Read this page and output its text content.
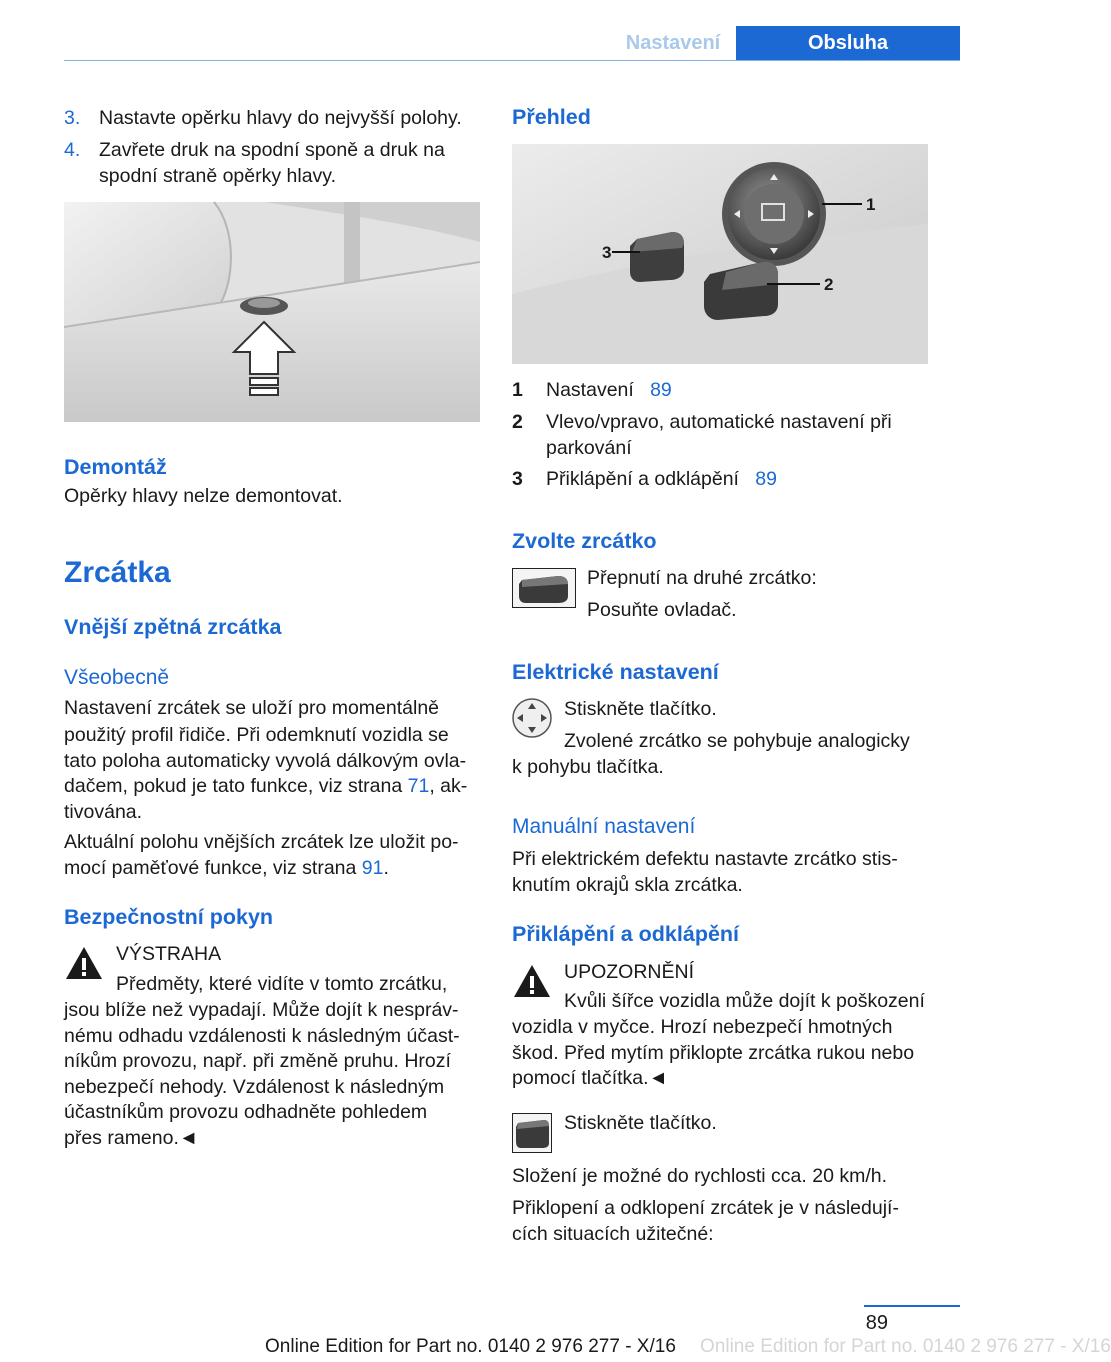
Nastavení	Obsluha
3. Nastavte opěrku hlavy do nejvyšší polohy.
4. Zavřete druk na spodní sponě a druk na
spodní straně opěrky hlavy.
Demontáž
Opěrky hlavy nelze demontovat.
Zrcátka
Vnější zpětná zrcátka
Všeobecně
Nastavení zrcátek se uloží pro momentálně
použitý profil řidiče. Při odemknutí vozidla se
tato poloha automaticky vyvolá dálkovým ovla-
dačem, pokud je tato funkce, viz strana 71, ak-
tivována.
Aktuální polohu vnějších zrcátek lze uložit po-
mocí paměťové funkce, viz strana 91.
Bezpečnostní pokyn
VÝSTRAHA
Předměty, které vidíte v tomto zrcátku,
jsou blíže než vypadají. Může dojít k nespráv-
nému odhadu vzdálenosti k následným účast-
níkům provozu, např. při změně pruhu. Hrozí
nebezpečí nehody. Vzdálenost k následným
účastníkům provozu odhadněte pohledem
přes rameno.◄
Přehled
1
2
3
1 Nastavení 89
2 Vlevo/vpravo, automatické nastavení při
parkování
3 Přiklápění a odklápění 89
Zvolte zrcátko
Přepnutí na druhé zrcátko:
Posuňte ovladač.
Elektrické nastavení
Stiskněte tlačítko.
Zvolené zrcátko se pohybuje analogicky
k pohybu tlačítka.
Manuální nastavení
Při elektrickém defektu nastavte zrcátko stis-
knutím okrajů skla zrcátka.
Přiklápění a odklápění
UPOZORNĚNÍ
Kvůli šířce vozidla může dojít k poškození
vozidla v myčce. Hrozí nebezpečí hmotných
škod. Před mytím přiklopte zrcátka rukou nebo
pomocí tlačítka.◄
Stiskněte tlačítko.
Složení je možné do rychlosti cca. 20 km/h.
Přiklopení a odklopení zrcátek je v následují-
cích situacích užitečné:
89
Online Edition for Part no. 0140 2 976 277 - X/16
Online Edition for Part no. 0140 2 976 277 - X/16
